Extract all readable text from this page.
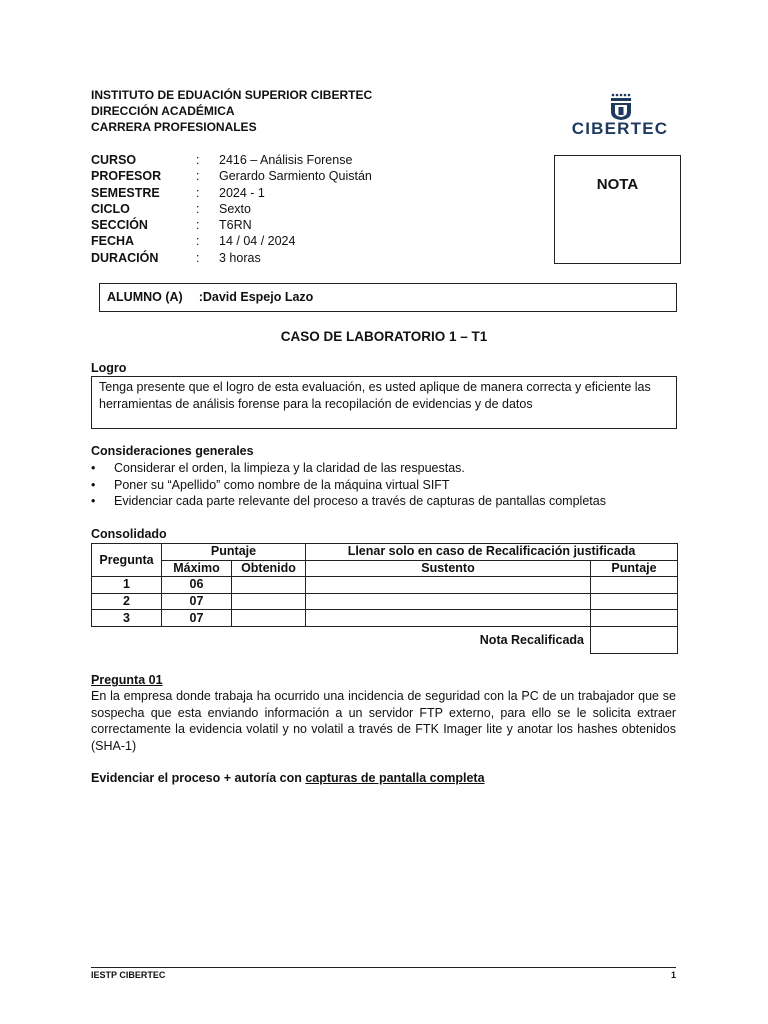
INSTITUTO DE EDUACIÓN SUPERIOR CIBERTEC
DIRECCIÓN ACADÉMICA
CARRERA PROFESIONALES	CIBERTEC
NOTA
CURSO	: 2416 – Análisis Forense
PROFESOR	: Gerardo Sarmiento Quistán
SEMESTRE	: 2024 - 1
CICLO	: Sexto
SECCIÓN	: T6RN
FECHA	: 14 / 04 / 2024
DURACIÓN	: 3 horas
ALUMNO (A) :David Espejo Lazo
CASO DE LABORATORIO 1 – T1
Logro
Tenga presente que el logro de esta evaluación, es usted aplique de manera correcta y eficiente las herramientas de análisis forense para la recopilación de evidencias y de datos
Consideraciones generales
• Considerar el orden, la limpieza y la claridad de las respuestas.
• Poner su “Apellido” como nombre de la máquina virtual SIFT
• Evidenciar cada parte relevante del proceso a través de capturas de pantallas completas
Consolidado
Pregunta	Puntaje		Llenar solo en caso de Recalificación justificada	
	Máximo	Obtenido	Sustento	Puntaje
1	06			
2	07			
3	07			
			Nota Recalificada	
Pregunta 01
En la empresa donde trabaja ha ocurrido una incidencia de seguridad con la PC de un trabajador que se sospecha que esta enviando información a un servidor FTP externo, para ello se le solicita extraer correctamente la evidencia volatil y no volatil a través de FTK Imager lite y anotar los hashes obtenidos (SHA-1)
Evidenciar el proceso + autoría con capturas de pantalla completa
IESTP CIBERTEC	1
